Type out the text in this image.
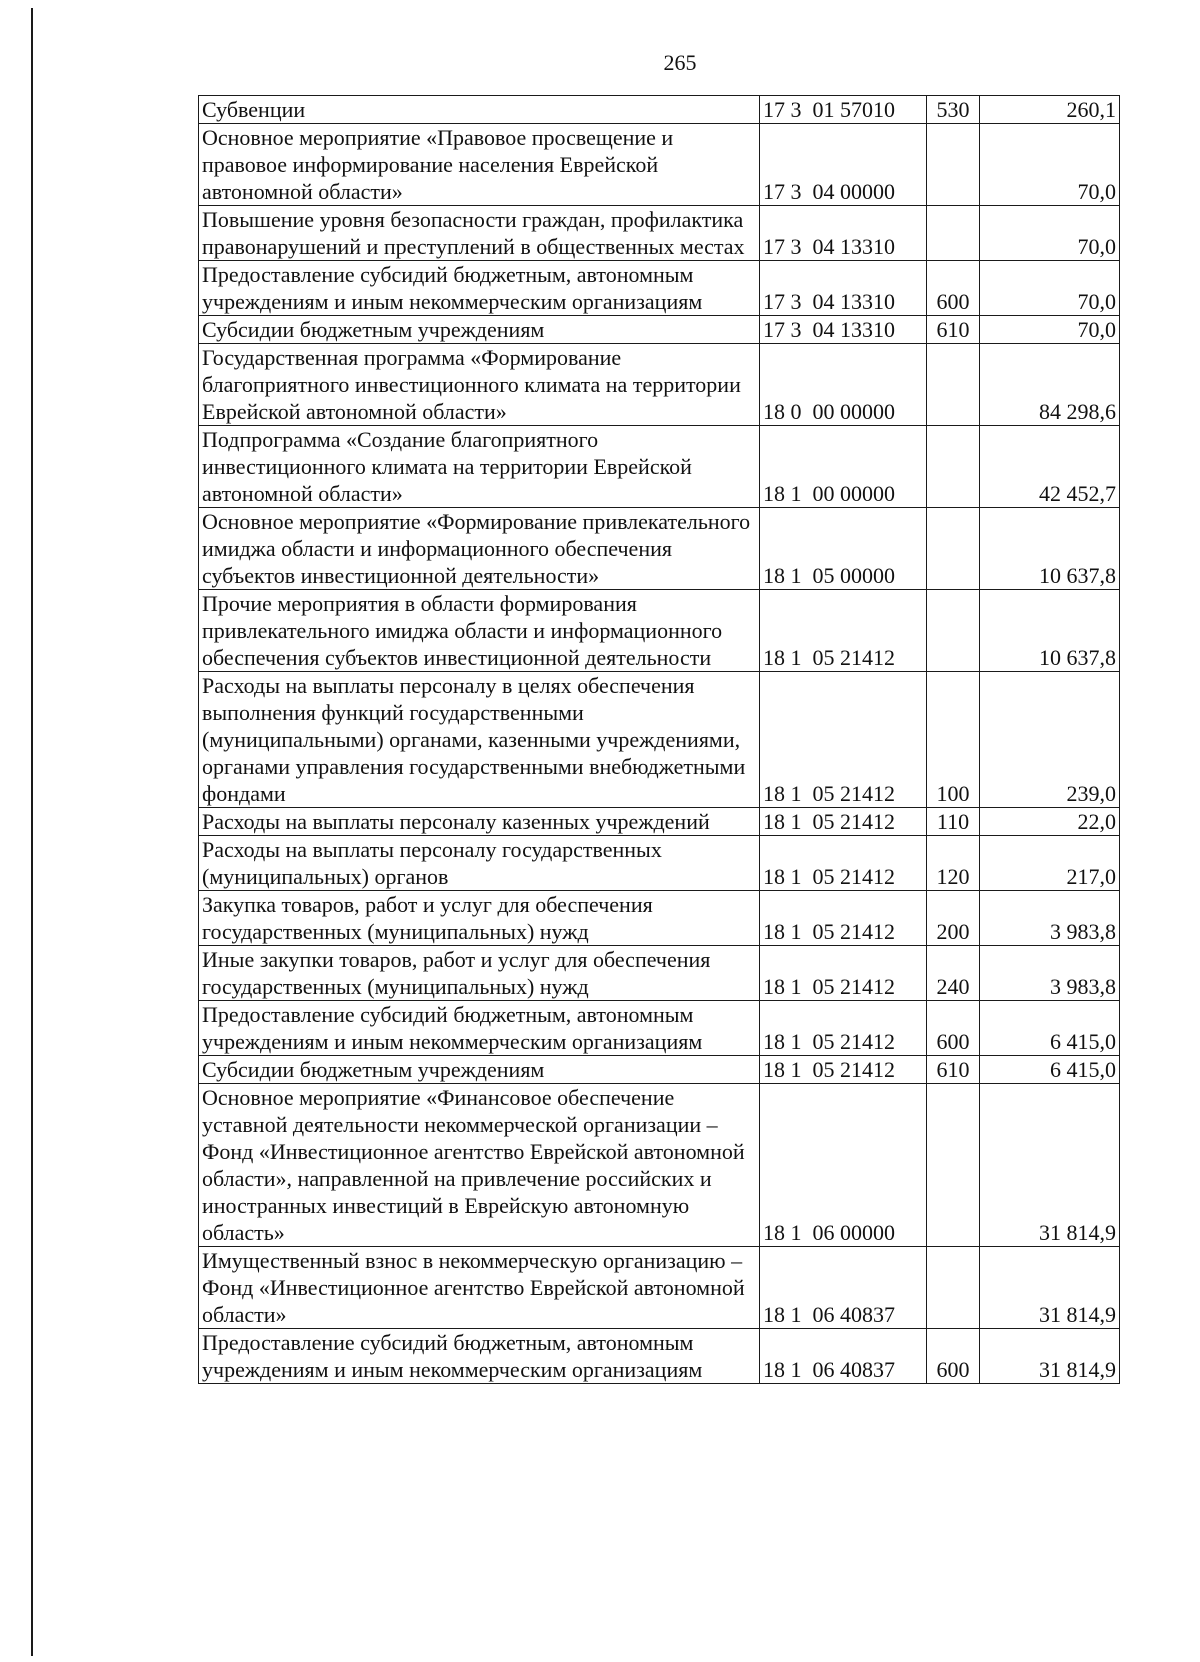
265
Субвенции	17 3  01 57010	530	260,1
Основное мероприятие «Правовое просвещение и правовое информирование населения Еврейской автономной области»	17 3  04 00000		70,0
Повышение уровня безопасности граждан, профилактика правонарушений и преступлений в общественных местах	17 3  04 13310		70,0
Предоставление субсидий бюджетным, автономным учреждениям и иным некоммерческим организациям	17 3  04 13310	600	70,0
Субсидии бюджетным учреждениям	17 3  04 13310	610	70,0
Государственная программа «Формирование благоприятного инвестиционного климата на территории Еврейской автономной области»	18 0  00 00000		84 298,6
Подпрограмма «Создание благоприятного инвестиционного климата на территории Еврейской автономной области»	18 1  00 00000		42 452,7
Основное мероприятие «Формирование привлекательного имиджа области и информационного обеспечения субъектов инвестиционной деятельности»	18 1  05 00000		10 637,8
Прочие мероприятия в области формирования привлекательного имиджа области и информационного обеспечения субъектов инвестиционной деятельности	18 1  05 21412		10 637,8
Расходы на выплаты персоналу в целях обеспечения выполнения функций государственными (муниципальными) органами, казенными учреждениями, органами управления государственными внебюджетными фондами	18 1  05 21412	100	239,0
Расходы на выплаты персоналу казенных учреждений	18 1  05 21412	110	22,0
Расходы на выплаты персоналу государственных (муниципальных) органов	18 1  05 21412	120	217,0
Закупка товаров, работ и услуг для обеспечения государственных (муниципальных) нужд	18 1  05 21412	200	3 983,8
Иные закупки товаров, работ и услуг для обеспечения государственных (муниципальных) нужд	18 1  05 21412	240	3 983,8
Предоставление субсидий бюджетным, автономным учреждениям и иным некоммерческим организациям	18 1  05 21412	600	6 415,0
Субсидии бюджетным учреждениям	18 1  05 21412	610	6 415,0
Основное мероприятие «Финансовое обеспечение уставной деятельности некоммерческой организации – Фонд «Инвестиционное агентство Еврейской автономной области», направленной на привлечение российских и иностранных инвестиций в Еврейскую автономную область»	18 1  06 00000		31 814,9
Имущественный взнос в некоммерческую организацию – Фонд «Инвестиционное агентство Еврейской автономной области»	18 1  06 40837		31 814,9
Предоставление субсидий бюджетным, автономным учреждениям и иным некоммерческим организациям	18 1  06 40837	600	31 814,9
